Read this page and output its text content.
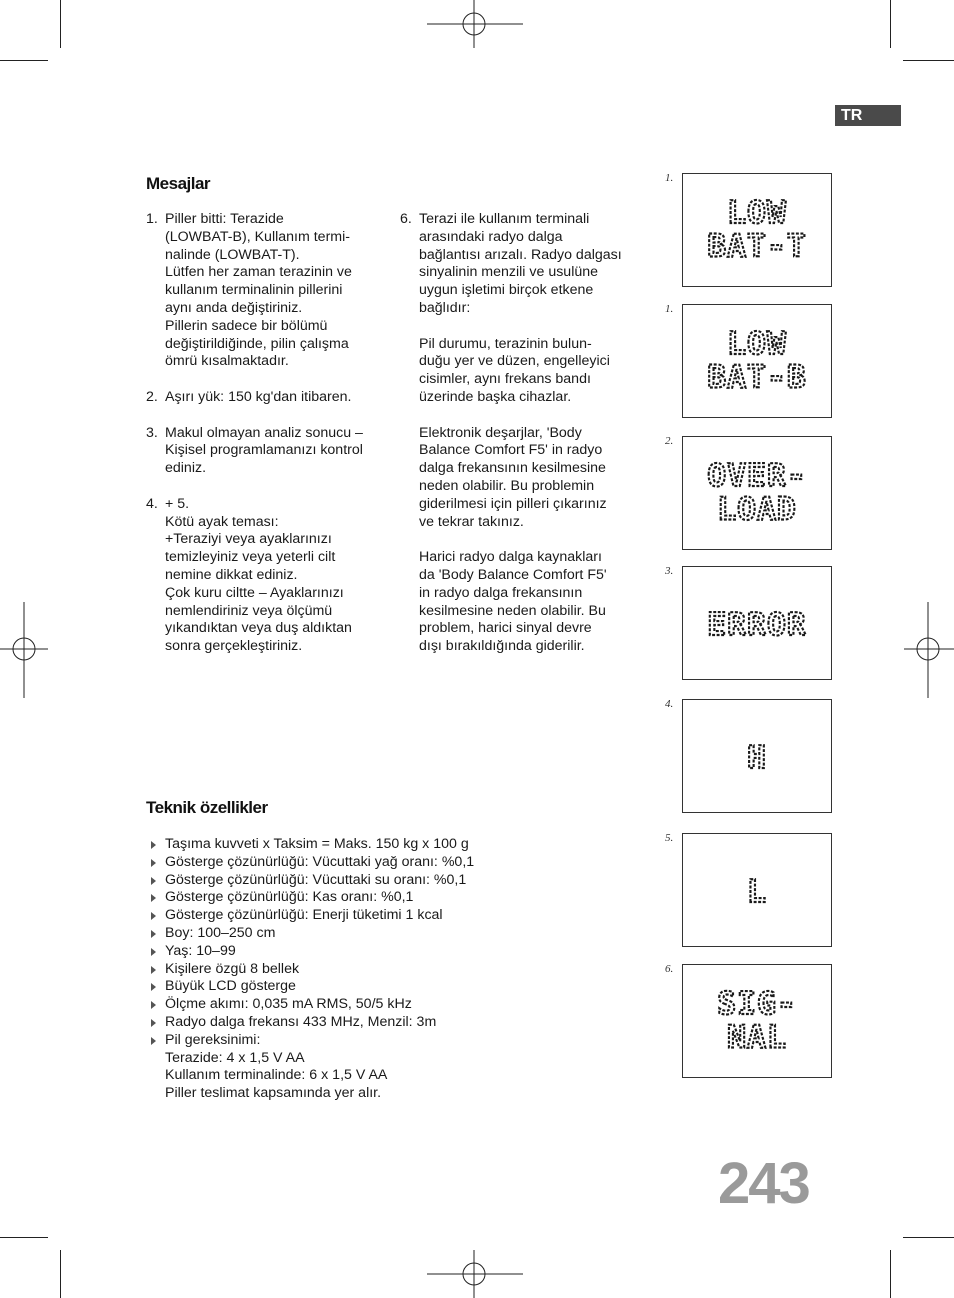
TR
Mesajlar
1. Piller bitti: Terazide
(LOWBAT-B), Kullanım termi-
nalinde (LOWBAT-T).
Lütfen her zaman terazinin ve
kullanım terminalinin pillerini
aynı anda değiştiriniz.
Pillerin sadece bir bölümü
değiştirildiğinde, pilin çalışma
ömrü kısalmaktadır.
2. Aşırı yük: 150 kg'dan itibaren.
3. Makul olmayan analiz sonucu –
Kişisel programlamanızı kontrol
ediniz.
4. + 5.
Kötü ayak teması:
+Teraziyi veya ayaklarınızı
temizleyiniz veya yeterli cilt
nemine dikkat ediniz.
Çok kuru ciltte – Ayaklarınızı
nemlendiriniz veya ölçümü
yıkandıktan veya duş aldıktan
sonra gerçekleştiriniz.
6. Terazi ile kullanım terminali
arasındaki radyo dalga
bağlantısı arızalı. Radyo dalgası
sinyalinin menzili ve usulüne
uygun işletimi birçok etkene
bağlıdır:
Pil durumu, terazinin bulun-
duğu yer ve düzen, engelleyici
cisimler, aynı frekans bandı
üzerinde başka cihazlar.
Elektronik deşarjlar, 'Body
Balance Comfort F5' in radyo
dalga frekansının kesilmesine
neden olabilir. Bu problemin
giderilmesi için pilleri çıkarınız
ve tekrar takınız.
Harici radyo dalga kaynakları
da 'Body Balance Comfort F5'
in radyo dalga frekansının
kesilmesine neden olabilir. Bu
problem, harici sinyal devre
dışı bırakıldığında giderilir.
Teknik özellikler
Taşıma kuvveti x Taksim = Maks. 150 kg x 100 g
Gösterge çözünürlüğü: Vücuttaki yağ oranı: %0,1
Gösterge çözünürlüğü: Vücuttaki su oranı: %0,1
Gösterge çözünürlüğü: Kas oranı: %0,1
Gösterge çözünürlüğü: Enerji tüketimi 1 kcal
Boy: 100–250 cm
Yaş: 10–99
Kişilere özgü 8 bellek
Büyük LCD gösterge
Ölçme akımı: 0,035 mA RMS, 50/5 kHz
Radyo dalga frekansı 433 MHz, Menzil: 3m
Pil gereksinimi:
Terazide: 4 x 1,5 V AA
Kullanım terminalinde: 6 x 1,5 V AA
Piller teslimat kapsamında yer alır.
1.
LOW
BAT-T
1.
LOW
BAT-B
2.
OVER-
LOAD
3.
ERROR
4.
H
5.
L
6.
SIG-
NAL
243
